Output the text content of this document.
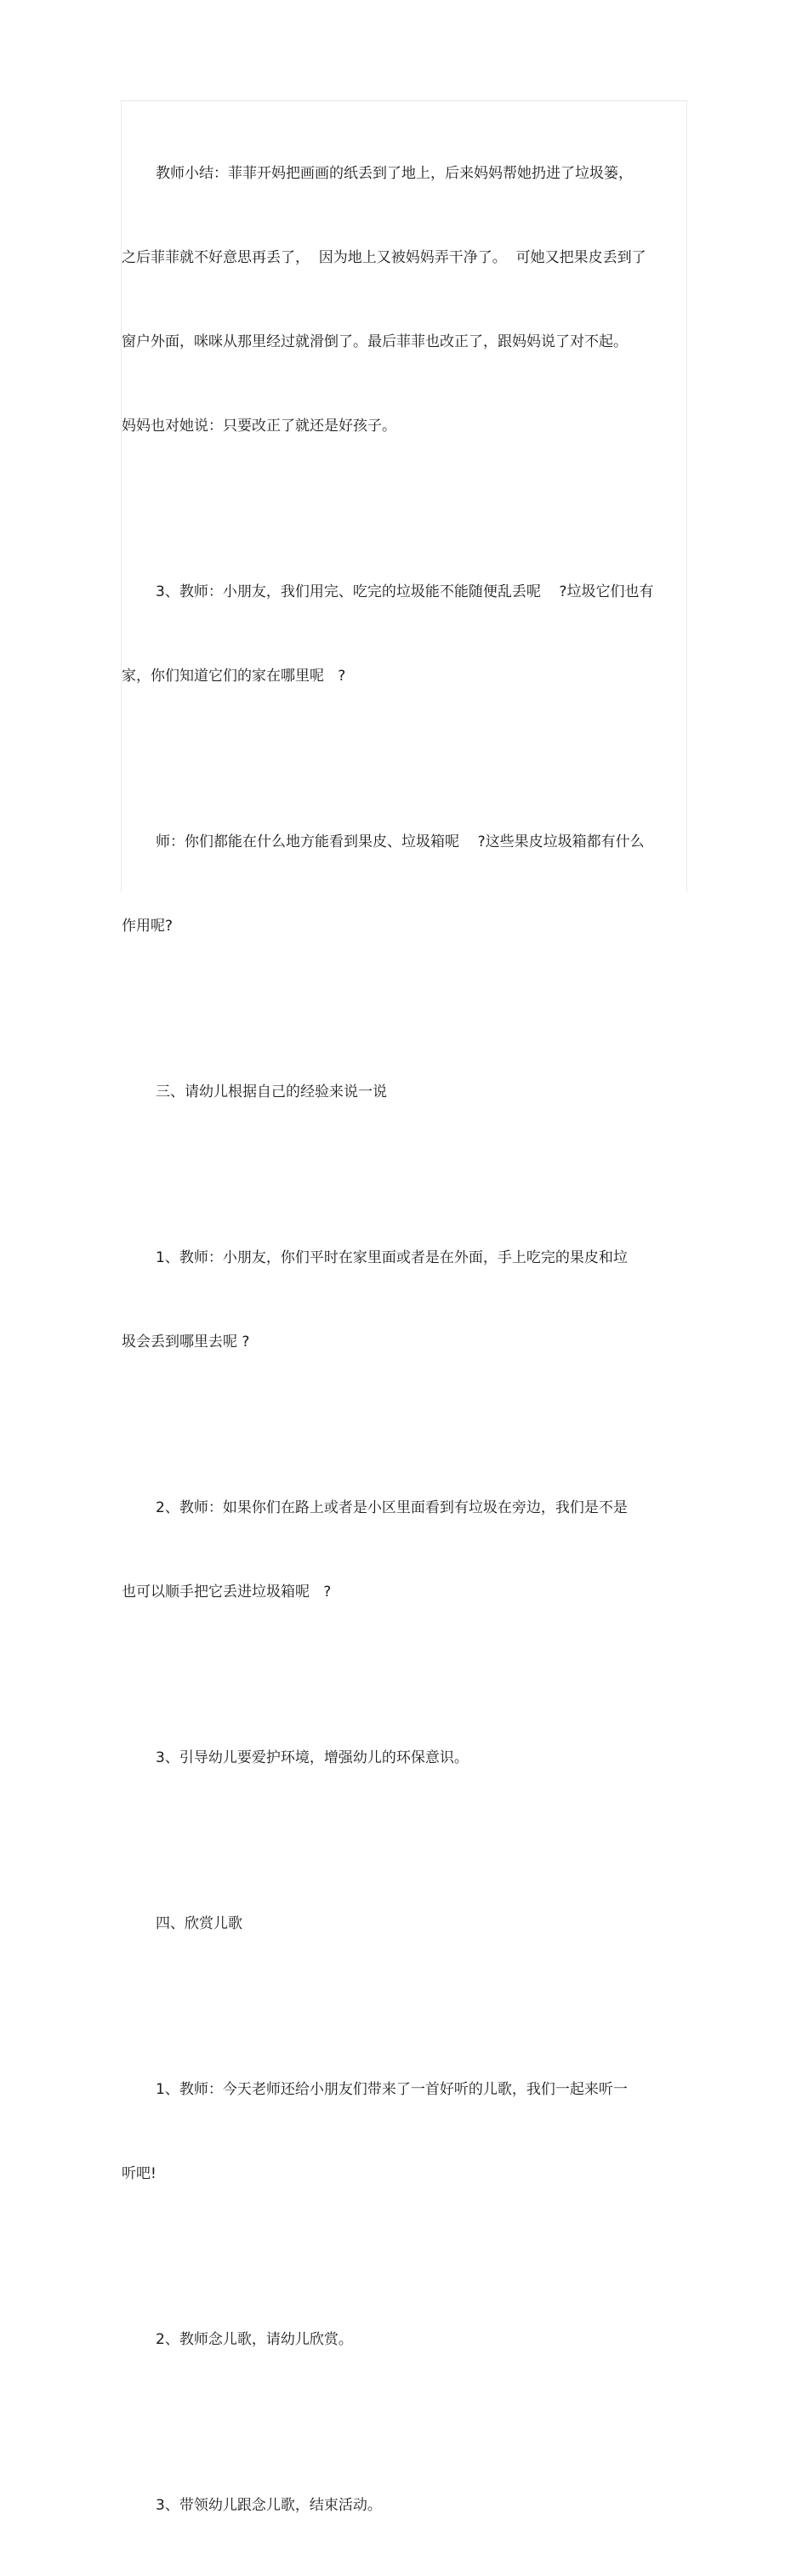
教师小结：菲菲开妈把画画的纸丢到了地上，后来妈妈帮她扔进了垃圾篓，

之后菲菲就不好意思再丢了，  因为地上又被妈妈弄干净了。  可她又把果皮丢到了

窗户外面，咪咪从那里经过就滑倒了。最后菲菲也改正了，跟妈妈说了对不起。

妈妈也对她说：只要改正了就还是好孩子。

3、教师：小朋友，我们用完、吃完的垃圾能不能随便乱丢呢    ?垃圾它们也有

家，你们知道它们的家在哪里呢   ?

师：你们都能在什么地方能看到果皮、垃圾箱呢    ?这些果皮垃圾箱都有什么

作用呢?

三、请幼儿根据自己的经验来说一说

1、教师：小朋友，你们平时在家里面或者是在外面，手上吃完的果皮和垃

圾会丢到哪里去呢 ?

2、教师：如果你们在路上或者是小区里面看到有垃圾在旁边，我们是不是

也可以顺手把它丢进垃圾箱呢   ?

3、引导幼儿要爱护环境，增强幼儿的环保意识。

四、欣赏儿歌

1、教师：今天老师还给小朋友们带来了一首好听的儿歌，我们一起来听一

听吧!

2、教师念儿歌，请幼儿欣赏。

3、带领幼儿跟念儿歌，结束活动。
